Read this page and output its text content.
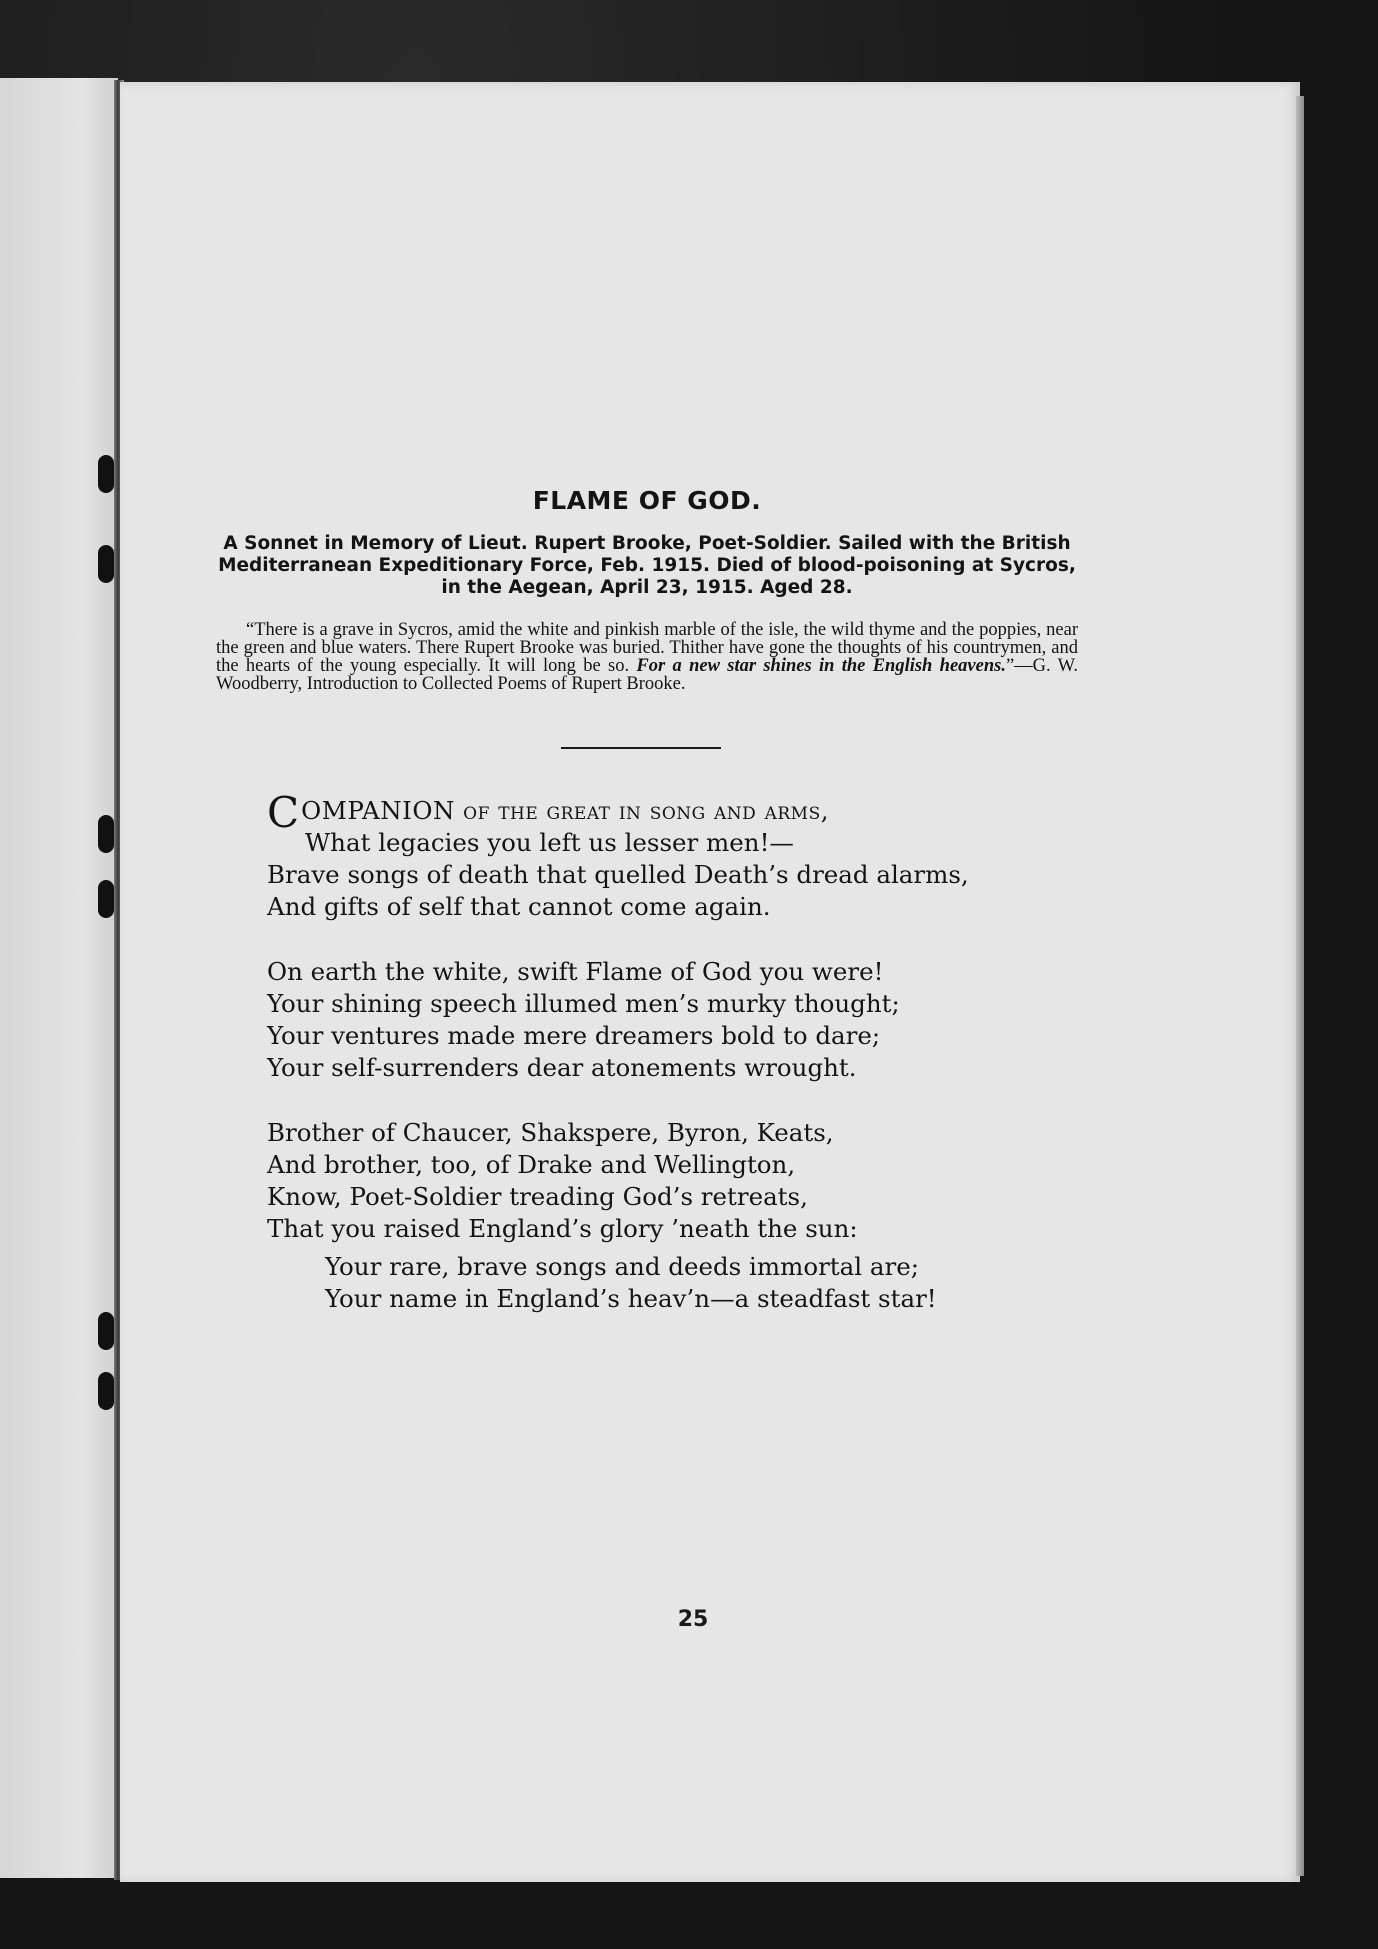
FLAME OF GOD.

A Sonnet in Memory of Lieut. Rupert Brooke, Poet-Soldier. Sailed with the British Mediterranean Expeditionary Force, Feb. 1915. Died of blood-poisoning at Sycros, in the Aegean, April 23, 1915. Aged 28.

“There is a grave in Sycros, amid the white and pinkish marble of the isle, the wild thyme and the poppies, near the green and blue waters. There Rupert Brooke was buried. Thither have gone the thoughts of his countrymen, and the hearts of the young especially. It will long be so. For a new star shines in the English heavens.”—G. W. Woodberry, Introduction to Collected Poems of Rupert Brooke.

COMPANION of the great in song and arms,
What legacies you left us lesser men!—
Brave songs of death that quelled Death’s dread alarms,
And gifts of self that cannot come again.
On earth the white, swift Flame of God you were!
Your shining speech illumed men’s murky thought;
Your ventures made mere dreamers bold to dare;
Your self-surrenders dear atonements wrought.
Brother of Chaucer, Shakspere, Byron, Keats,
And brother, too, of Drake and Wellington,
Know, Poet-Soldier treading God’s retreats,
That you raised England’s glory ’neath the sun:
Your rare, brave songs and deeds immortal are;
Your name in England’s heav’n—a steadfast star!
25
